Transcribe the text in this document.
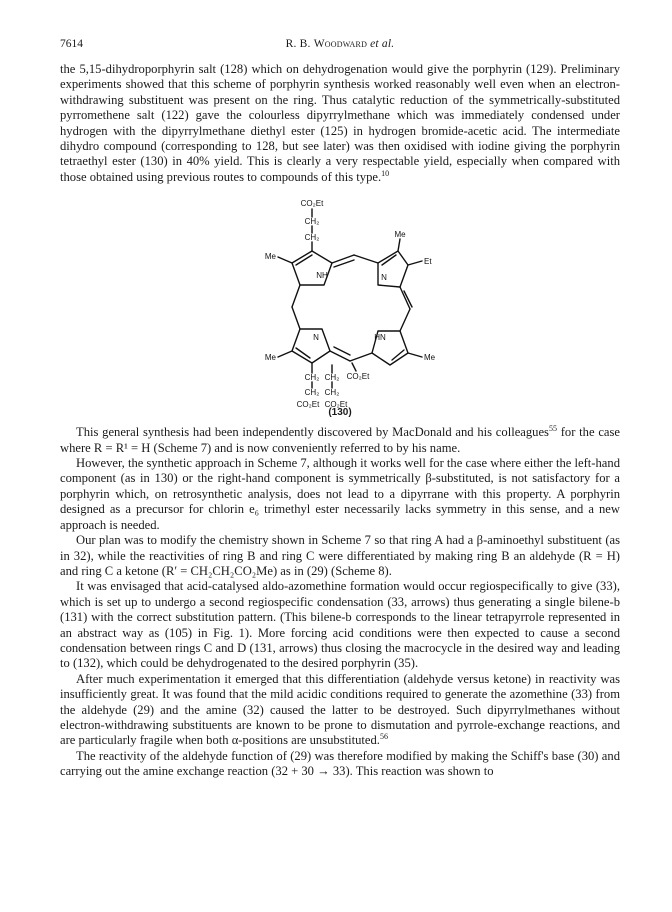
7614	R. B. Woodward et al.

the 5,15-dihydroporphyrin salt (128) which on dehydrogenation would give the porphyrin (129). Preliminary experiments showed that this scheme of porphyrin synthesis worked reasonably well even when an electron-withdrawing substituent was present on the ring. Thus catalytic reduction of the symmetrically-substituted pyrromethene salt (122) gave the colourless dipyrrylmethane which was immediately condensed under hydrogen with the dipyrrylmethane diethyl ester (125) in hydrogen bromide-acetic acid. The intermediate dihydro compound (corresponding to 128, but see later) was then oxidised with iodine giving the porphyrin tetraethyl ester (130) in 40% yield. This is clearly a very respectable yield, especially when compared with those obtained using previous routes to compounds of this type.$^{10}$

CO₂Et
CH₂
CH₂	Me
Me
Et
NH	N
N	HN
Me	Me
CH₂ CH₂ CO₂Et
CH₂ CH₂
CO₂Et CO₂Et
(130)

This general synthesis had been independently discovered by MacDonald and his colleagues$^{55}$ for the case where R = R¹ = H (Scheme 7) and is now conveniently referred to by his name.

However, the synthetic approach in Scheme 7, although it works well for the case where either the left-hand component (as in 130) or the right-hand component is symmetrically β-substituted, is not satisfactory for a porphyrin which, on retrosynthetic analysis, does not lead to a dipyrrane with this property. A porphyrin designed as a precursor for chlorin e₆ trimethyl ester necessarily lacks symmetry in this sense, and a new approach is needed.

Our plan was to modify the chemistry shown in Scheme 7 so that ring A had a β-aminoethyl substituent (as in 32), while the reactivities of ring B and ring C were differentiated by making ring B an aldehyde (R = H) and ring C a ketone (R′ = CH₂CH₂CO₂Me) as in (29) (Scheme 8).

It was envisaged that acid-catalysed aldo-azomethine formation would occur regiospecifically to give (33), which is set up to undergo a second regiospecific condensation (33, arrows) thus generating a single bilene-b (131) with the correct substitution pattern. (This bilene-b corresponds to the linear tetrapyrrole represented in an abstract way as (105) in Fig. 1). More forcing acid conditions were then expected to cause a second condensation between rings C and D (131, arrows) thus closing the macrocycle in the desired way and leading to (132), which could be dehydrogenated to the desired porphyrin (35).

After much experimentation it emerged that this differentiation (aldehyde versus ketone) in reactivity was insufficiently great. It was found that the mild acidic conditions required to generate the azomethine (33) from the aldehyde (29) and the amine (32) caused the latter to be destroyed. Such dipyrrylmethanes without electron-withdrawing substituents are known to be prone to dismutation and pyrrole-exchange reactions, and are particularly fragile when both α-positions are unsubstituted.$^{56}$

The reactivity of the aldehyde function of (29) was therefore modified by making the Schiff's base (30) and carrying out the amine exchange reaction (32 + 30 → 33). This reaction was shown to
